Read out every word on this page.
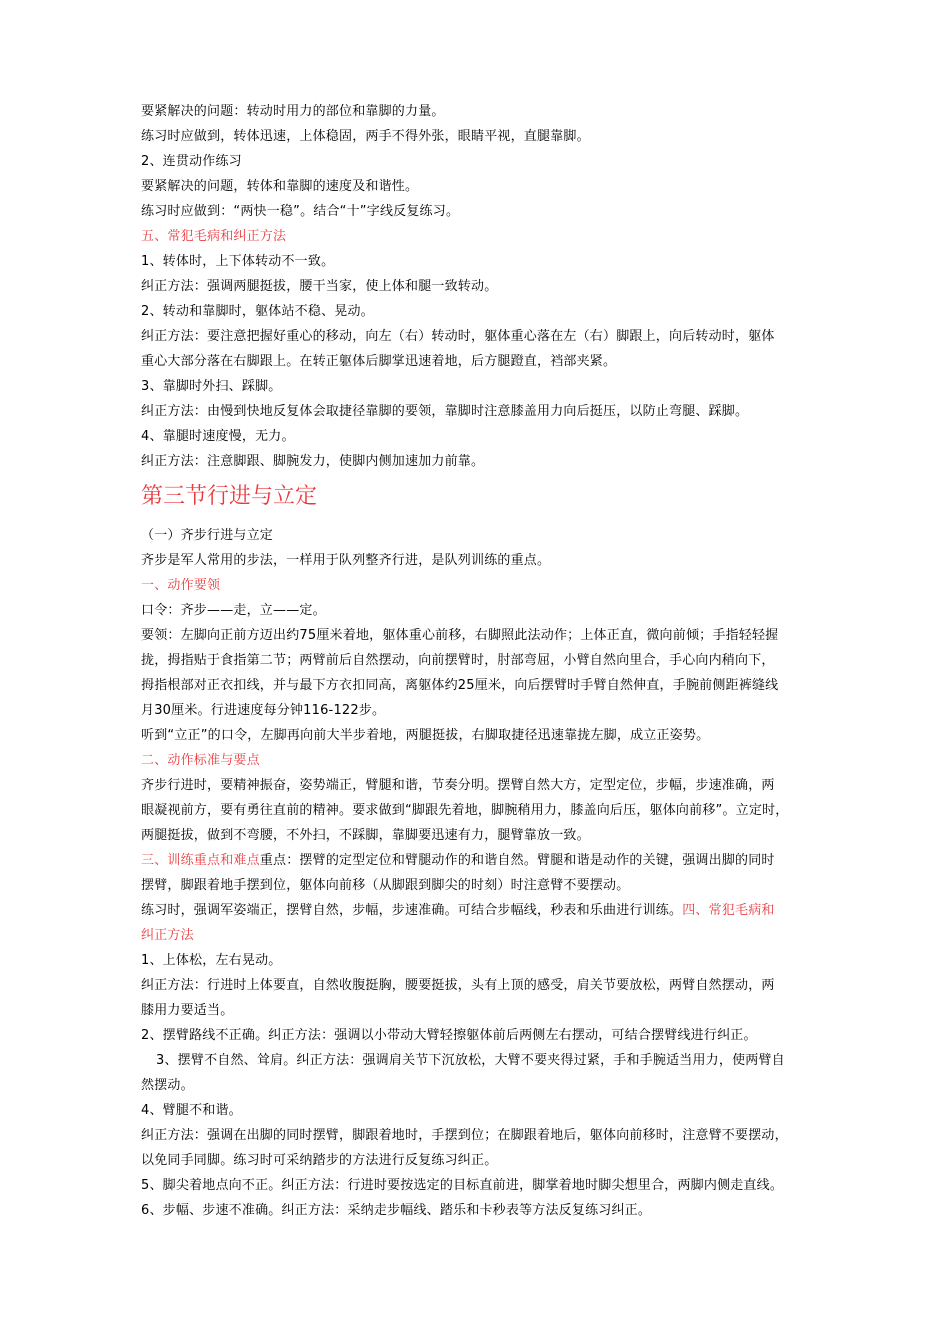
要紧解决的问题：转动时用力的部位和靠脚的力量。
练习时应做到，转体迅速，上体稳固，两手不得外张，眼睛平视，直腿靠脚。
2、连贯动作练习
要紧解决的问题，转体和靠脚的速度及和谐性。
练习时应做到：“两快一稳”。结合“十”字线反复练习。
五、常犯毛病和纠正方法
1、转体时，上下体转动不一致。
纠正方法：强调两腿挺拔，腰干当家，使上体和腿一致转动。
2、转动和靠脚时，躯体站不稳、晃动。
纠正方法：要注意把握好重心的移动，向左（右）转动时，躯体重心落在左（右）脚跟上，向后转动时，躯体
重心大部分落在右脚跟上。在转正躯体后脚掌迅速着地，后方腿蹬直，裆部夹紧。
3、靠脚时外扫、踩脚。
纠正方法：由慢到快地反复体会取捷径靠脚的要领，靠脚时注意膝盖用力向后挺压，以防止弯腿、踩脚。
4、靠腿时速度慢，无力。
纠正方法：注意脚跟、脚腕发力，使脚内侧加速加力前靠。
第三节行进与立定
（一）齐步行进与立定
齐步是军人常用的步法，一样用于队列整齐行进，是队列训练的重点。
一、动作要领
口令：齐步——走，立——定。
要领：左脚向正前方迈出约75厘米着地，躯体重心前移，右脚照此法动作；上体正直，微向前倾；手指轻轻握
拢，拇指贴于食指第二节；两臂前后自然摆动，向前摆臂时，肘部弯屈，小臂自然向里合，手心向内稍向下，
拇指根部对正衣扣线，并与最下方衣扣同高，离躯体约25厘米，向后摆臂时手臂自然伸直，手腕前侧距裤缝线
月30厘米。行进速度每分钟116-122步。
听到“立正”的口令，左脚再向前大半步着地，两腿挺拔，右脚取捷径迅速靠拢左脚，成立正姿势。
二、动作标准与要点
齐步行进时，要精神振奋，姿势端正，臂腿和谐，节奏分明。摆臂自然大方，定型定位，步幅，步速准确，两
眼凝视前方，要有勇往直前的精神。要求做到“脚跟先着地，脚腕稍用力，膝盖向后压，躯体向前移”。立定时，
两腿挺拔，做到不弯腰，不外扫，不踩脚，靠脚要迅速有力，腿臂靠放一致。
三、训练重点和难点重点：摆臂的定型定位和臂腿动作的和谐自然。臂腿和谐是动作的关键，强调出脚的同时
摆臂，脚跟着地手摆到位，躯体向前移（从脚跟到脚尖的时刻）时注意臂不要摆动。
练习时，强调军姿端正，摆臂自然，步幅，步速准确。可结合步幅线，秒表和乐曲进行训练。四、常犯毛病和
纠正方法
1、上体松，左右晃动。
纠正方法：行进时上体要直，自然收腹挺胸，腰要挺拔，头有上顶的感受，肩关节要放松，两臂自然摆动，两
膝用力要适当。
2、摆臂路线不正确。纠正方法：强调以小带动大臂轻擦躯体前后两侧左右摆动，可结合摆臂线进行纠正。
3、摆臂不自然、耸肩。纠正方法：强调肩关节下沉放松，大臂不要夹得过紧，手和手腕适当用力，使两臂自
然摆动。
4、臂腿不和谐。
纠正方法：强调在出脚的同时摆臂，脚跟着地时，手摆到位；在脚跟着地后，躯体向前移时，注意臂不要摆动，
以免同手同脚。练习时可采纳踏步的方法进行反复练习纠正。
5、脚尖着地点向不正。纠正方法：行进时要按选定的目标直前进，脚掌着地时脚尖想里合，两脚内侧走直线。
6、步幅、步速不准确。纠正方法：采纳走步幅线、踏乐和卡秒表等方法反复练习纠正。
